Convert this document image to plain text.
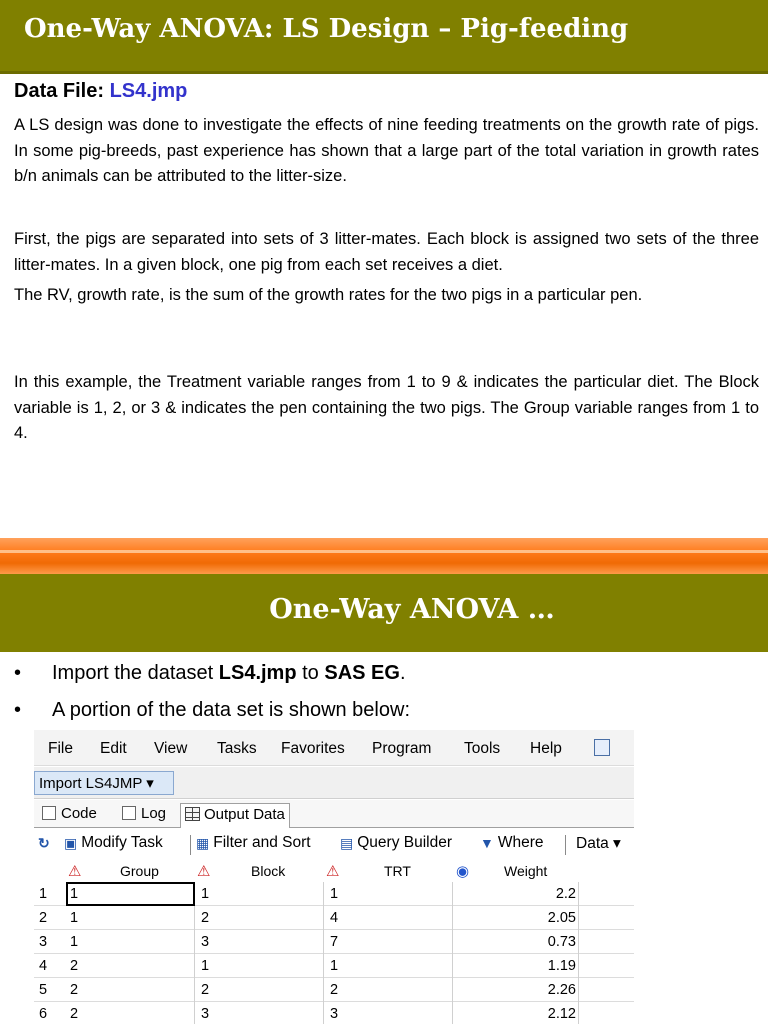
One-Way ANOVA: LS Design – Pig-feeding
Data File: LS4.jmp
A LS design was done to investigate the effects of nine feeding treatments on the growth rate of pigs. In some pig-breeds, past experience has shown that a large part of the total variation in growth rates b/n animals can be attributed to the litter-size.
First, the pigs are separated into sets of 3 litter-mates. Each block is assigned two sets of the three litter-mates. In a given block, one pig from each set receives a diet.
The RV, growth rate, is the sum of the growth rates for the two pigs in a particular pen.
In this example, the Treatment variable ranges from 1 to 9 & indicates the particular diet. The Block variable is 1, 2, or 3 & indicates the pen containing the two pigs. The Group variable ranges from 1 to 4.
One-Way ANOVA …
• Import the dataset LS4.jmp to SAS EG.
• A portion of the data set is shown below:
File Edit View Tasks Favorites Program Tools Help
Import LS4JMP ▾
Code	Log	Output Data
↻ ▣ Modify Task ▦ Filter and Sort ▤ Query Builder ▼ Where Data ▾
⚠	Group	⚠	Block	⚠	TRT	◉ Weight
1	1	1	1	2.2
2	1	2	4	2.05
3	1	3	7	0.73
4	2	1	1	1.19
5	2	2	2	2.26
6	2	3	3	2.12
